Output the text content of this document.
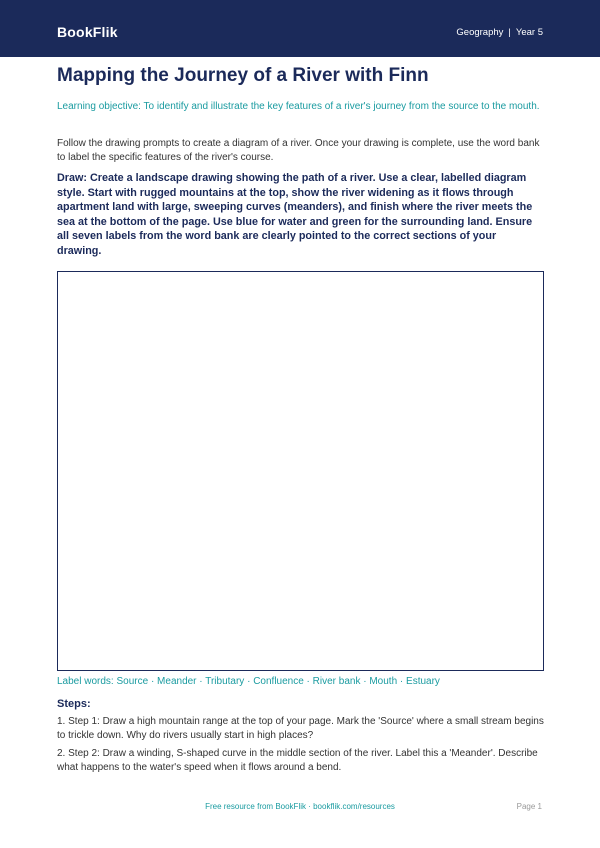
BookFlik	Geography | Year 5
Mapping the Journey of a River with Finn

Learning objective: To identify and illustrate the key features of a river's journey from the source to the mouth.

Follow the drawing prompts to create a diagram of a river. Once your drawing is complete, use the word bank to label the specific features of the river's course.

Draw: Create a landscape drawing showing the path of a river. Use a clear, labelled diagram style. Start with rugged mountains at the top, show the river widening as it flows through apartment land with large, sweeping curves (meanders), and finish where the river meets the sea at the bottom of the page. Use blue for water and green for the surrounding land. Ensure all seven labels from the word bank are clearly pointed to the correct sections of your drawing.

Label words: Source · Meander · Tributary · Confluence · River bank · Mouth · Estuary

Steps:
1. Step 1: Draw a high mountain range at the top of your page. Mark the 'Source' where a small stream begins to trickle down. Why do rivers usually start in high places?
2. Step 2: Draw a winding, S-shaped curve in the middle section of the river. Label this a 'Meander'. Describe what happens to the water's speed when it flows around a bend.
Free resource from BookFlik · bookflik.com/resources	Page 1
